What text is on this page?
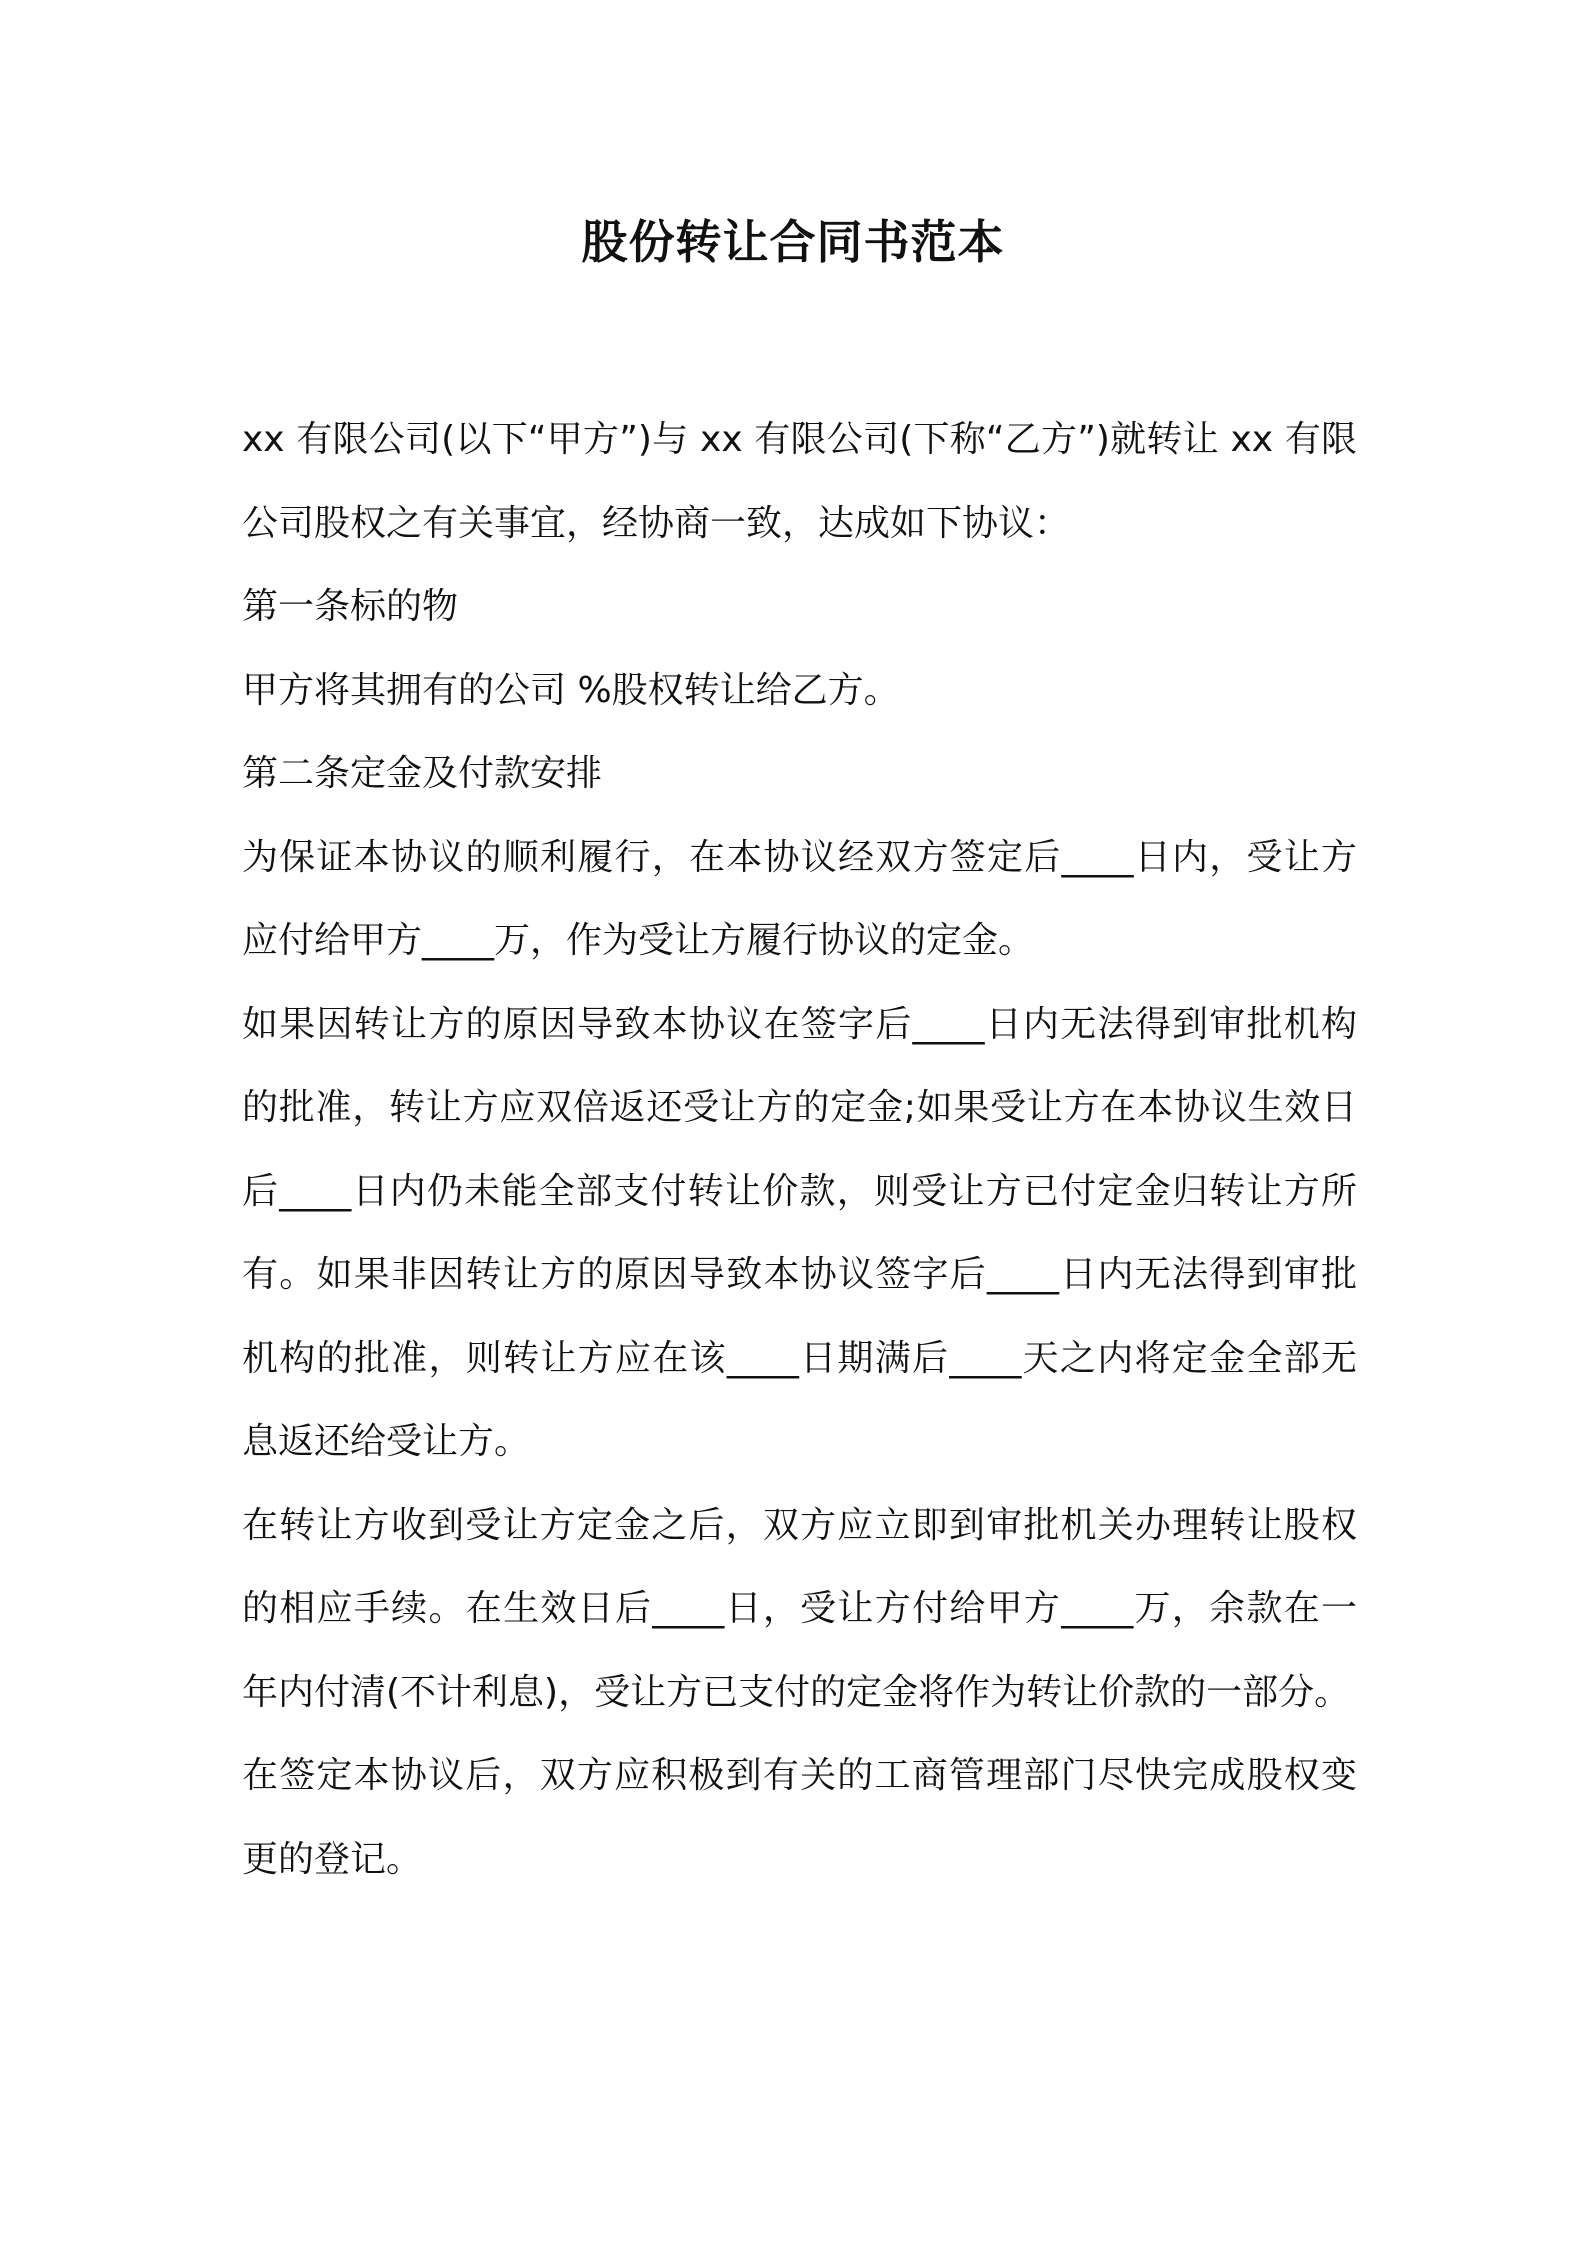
股份转让合同书范本

xx 有限公司(以下“甲方”)与 xx 有限公司(下称“乙方”)就转让 xx 有限公司股权之有关事宜，经协商一致，达成如下协议：

第一条标的物

甲方将其拥有的公司 %股权转让给乙方。

第二条定金及付款安排

为保证本协议的顺利履行，在本协议经双方签定后____日内，受让方应付给甲方____万，作为受让方履行协议的定金。

如果因转让方的原因导致本协议在签字后____日内无法得到审批机构的批准，转让方应双倍返还受让方的定金;如果受让方在本协议生效日后____日内仍未能全部支付转让价款，则受让方已付定金归转让方所有。如果非因转让方的原因导致本协议签字后____日内无法得到审批机构的批准，则转让方应在该____日期满后____天之内将定金全部无息返还给受让方。

在转让方收到受让方定金之后，双方应立即到审批机关办理转让股权的相应手续。在生效日后____日，受让方付给甲方____万，余款在一年内付清(不计利息)，受让方已支付的定金将作为转让价款的一部分。

在签定本协议后，双方应积极到有关的工商管理部门尽快完成股权变更的登记。
